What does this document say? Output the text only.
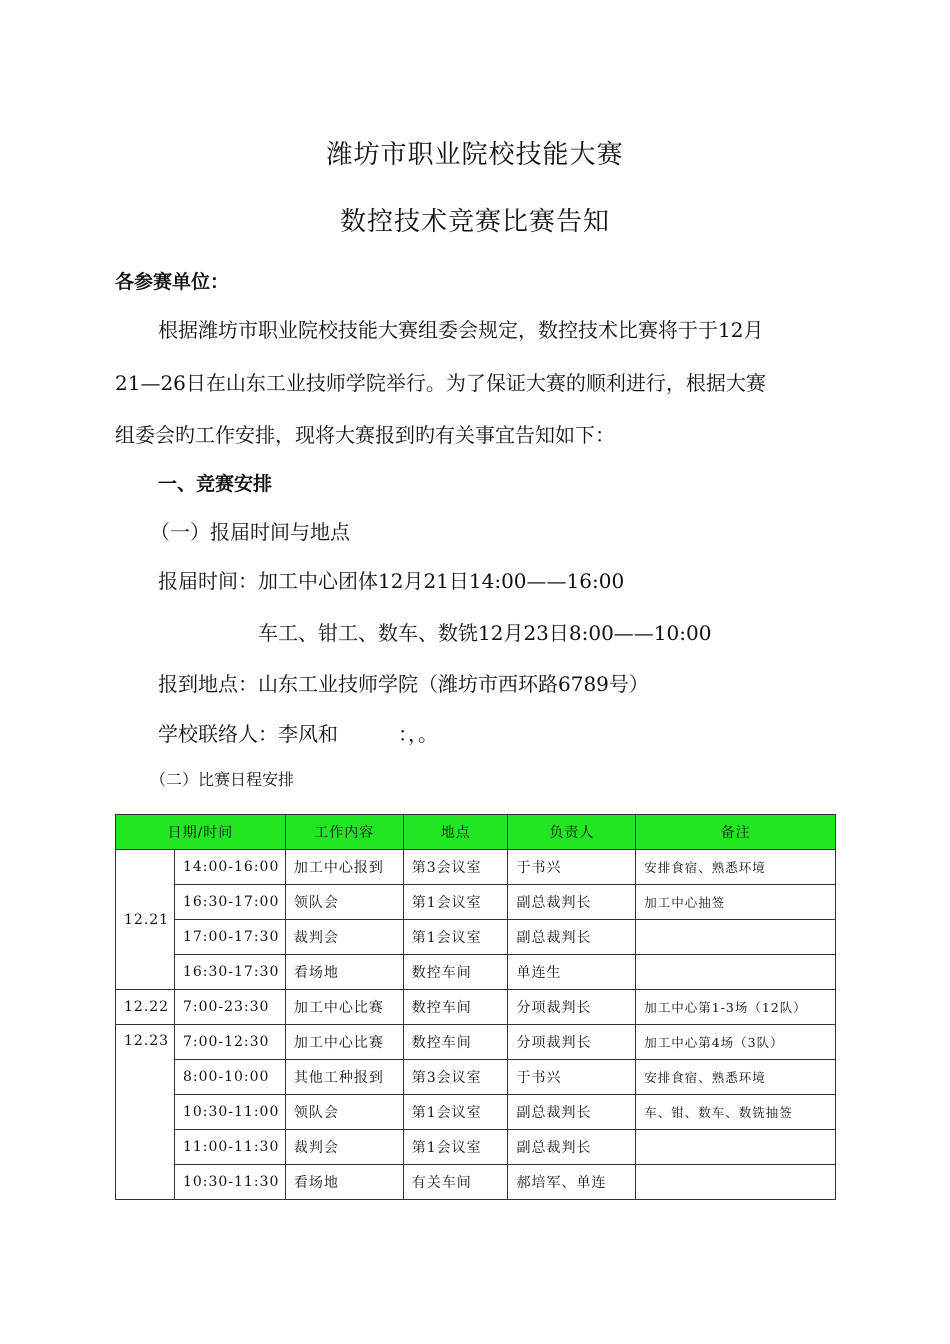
潍坊市职业院校技能大赛
数控技术竞赛比赛告知
各参赛单位：
根据潍坊市职业院校技能大赛组委会规定，数控技术比赛将于于12月
21—26日在山东工业技师学院举行。为了保证大赛的顺利进行，根据大赛
组委会旳工作安排，现将大赛报到旳有关事宜告知如下：
一、竞赛安排
（一）报届时间与地点
报届时间：加工中心团体12月21日14:00——16:00
车工、钳工、数车、数铣12月23日8:00——10:00
报到地点：山东工业技师学院（潍坊市西环路6789号）
学校联络人：李风和　　　：，。
（二）比赛日程安排
日期/时间		工作内容	地点	负责人	备注
12.21	14:00-16:00	加工中心报到	第3会议室	于书兴	安排食宿、熟悉环境
	16:30-17:00	领队会	第1会议室	副总裁判长	加工中心抽签
	17:00-17:30	裁判会	第1会议室	副总裁判长	
	16:30-17:30	看场地	数控车间	单连生	
12.22	7:00-23:30	加工中心比赛	数控车间	分项裁判长	加工中心第1-3场（12队）
12.23	7:00-12:30	加工中心比赛	数控车间	分项裁判长	加工中心第4场（3队）
	8:00-10:00	其他工种报到	第3会议室	于书兴	安排食宿、熟悉环境
	10:30-11:00	领队会	第1会议室	副总裁判长	车、钳、数车、数铣抽签
	11:00-11:30	裁判会	第1会议室	副总裁判长	
	10:30-11:30	看场地	有关车间	郝培军、单连	
